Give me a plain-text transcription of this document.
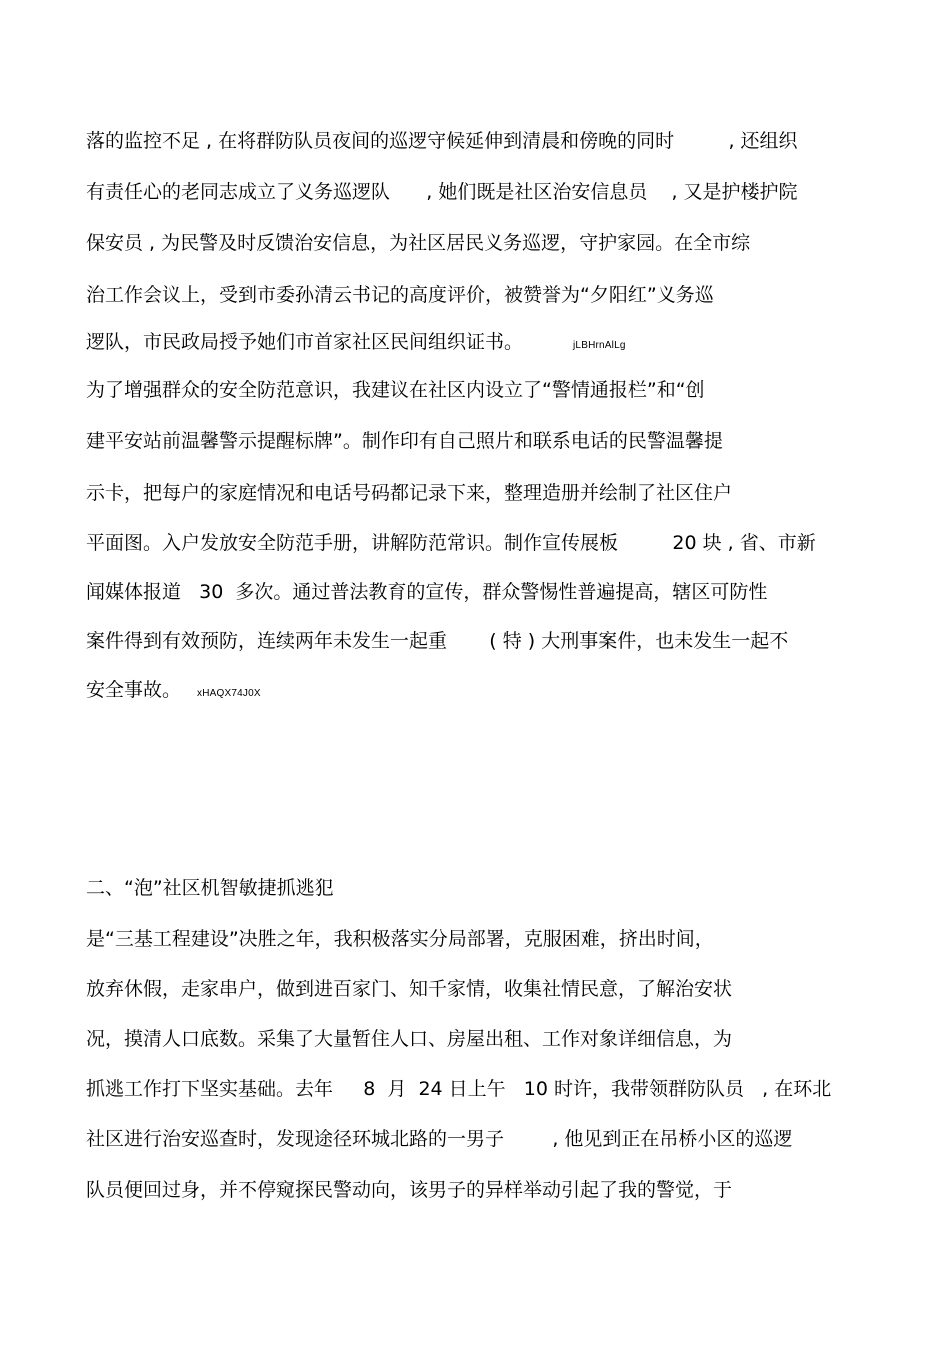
落的监控不足 , 在将群防队员夜间的巡逻守候延伸到清晨和傍晚的同时         , 还组织
有责任心的老同志成立了义务巡逻队      , 她们既是社区治安信息员    , 又是护楼护院
保安员 , 为民警及时反馈治安信息，为社区居民义务巡逻，守护家园。在全市综
治工作会议上，受到市委孙清云书记的高度评价，被赞誉为“夕阳红”义务巡
逻队，市民政局授予她们市首家社区民间组织证书。	jLBHrnAlLg
为了增强群众的安全防范意识，我建议在社区内设立了“警情通报栏”和“创
建平安站前温馨警示提醒标牌”。制作印有自己照片和联系电话的民警温馨提
示卡，把每户的家庭情况和电话号码都记录下来，整理造册并绘制了社区住户
平面图。入户发放安全防范手册，讲解防范常识。制作宣传展板         20 块 , 省、市新
闻媒体报道   30  多次。通过普法教育的宣传，群众警惕性普遍提高，辖区可防性
案件得到有效预防，连续两年未发生一起重       ( 特 ) 大刑事案件，也未发生一起不
安全事故。 xHAQX74J0X
二、“泡”社区机智敏捷抓逃犯
是“三基工程建设”决胜之年，我积极落实分局部署，克服困难，挤出时间，
放弃休假，走家串户，做到进百家门、知千家情，收集社情民意，了解治安状
况，摸清人口底数。采集了大量暂住人口、房屋出租、工作对象详细信息，为
抓逃工作打下坚实基础。去年     8  月  24 日上午   10 时许，我带领群防队员   , 在环北
社区进行治安巡查时，发现途径环城北路的一男子        , 他见到正在吊桥小区的巡逻
队员便回过身，并不停窥探民警动向，该男子的异样举动引起了我的警觉，于
